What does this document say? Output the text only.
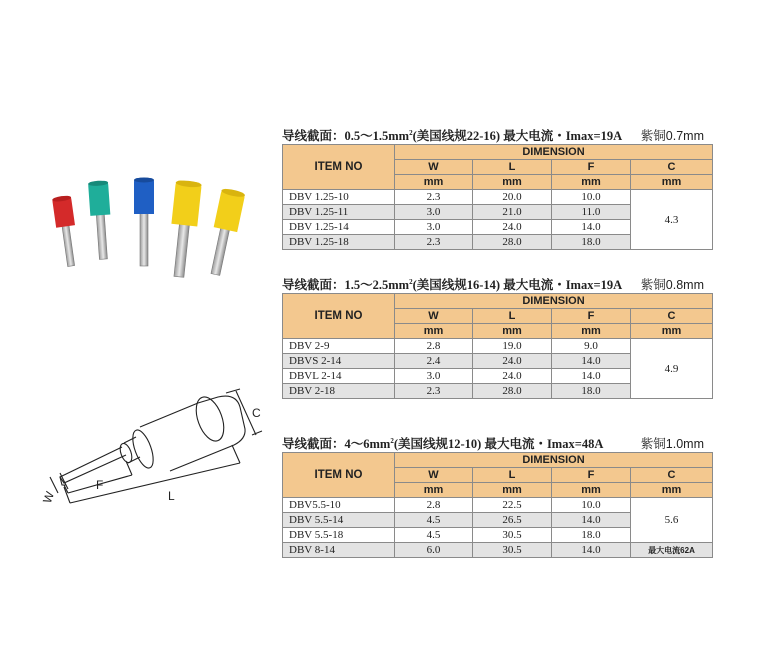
C
L
F
W
导线截面：$0.5\sim 1.5mm^2$(美国线规22-16) 最大电流・Imax=19A 紫铜0.7mm
ITEM NO	DIMENSION			
	W	L	F	C
	mm	mm	mm	mm
DBV 1.25-10	2.3	20.0	10.0	4.3
DBV 1.25-11	3.0	21.0	11.0	
DBV 1.25-14	3.0	24.0	14.0	
DBV 1.25-18	2.3	28.0	18.0	
导线截面：$1.5\sim 2.5mm^2$(美国线规16-14) 最大电流・Imax=19A 紫铜0.8mm
ITEM NO	DIMENSION			
	W	L	F	C
	mm	mm	mm	mm
DBV 2-9	2.8	19.0	9.0	4.9
DBVS 2-14	2.4	24.0	14.0	
DBVL 2-14	3.0	24.0	14.0	
DBV 2-18	2.3	28.0	18.0	
导线截面：$4\sim 6mm^2$(美国线规12-10) 最大电流・Imax=48A	紫铜1.0mm
ITEM NO	DIMENSION			
	W	L	F	C
	mm	mm	mm	mm
DBV5.5-10	2.8	22.5	10.0	5.6
DBV 5.5-14	4.5	26.5	14.0	
DBV 5.5-18	4.5	30.5	18.0	
DBV 8-14	6.0	30.5	14.0	最大电流62A
